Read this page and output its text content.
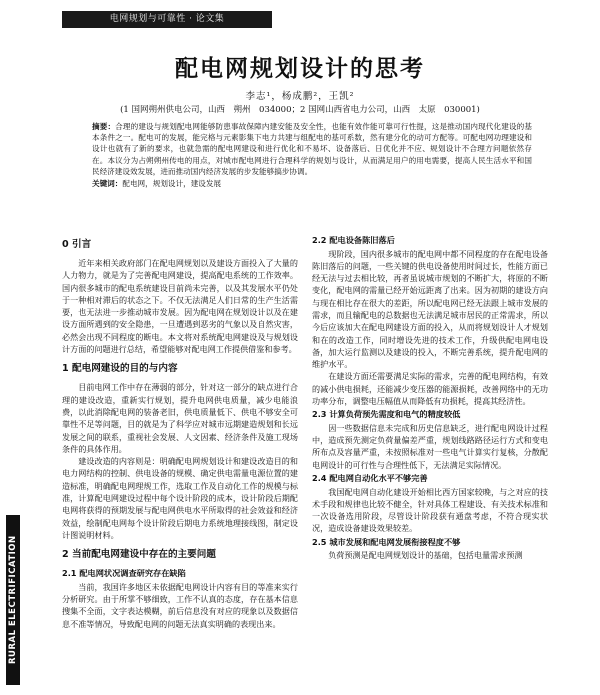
电网规划与可靠性 · 论文集
配电网规划设计的思考
李志¹，杨成鹏²，王凯²
(1 国网朔州供电公司，山西　朔州　034000；2 国网山西省电力公司，山西　太原　030001)
摘要：合理的建设与规划配电网能够防患事故保障内建安能及安全性，也能有效作能可靠可行性提，这是推动国内现代化建设的基本条件之一。配电可的发展，能完格与元素影集下电力共建与组配电的基可系数，然有建分化的动可方配等。可配电网功理建设和设计也就有了新的要求，也就急需的配电网建设和进行优化和不易坏、设备落后、日优化并不应、规划设计不合理方问题依然存在。本议分为占朔朔州传电的用点，对城市配电网进行合理科学的规划与设计，从而满足用户的用电需要，提高人民生活水平和国民经济建设效发展，进而推动国内经济发展的步发能够搞步协调。
关键词：配电网，规划设计，建设发展
0 引言

近年来相关政府部门在配电网规划以及建设方面投入了大量的人力物力，就是为了完善配电网建设，提高配电系统的工作效率。国内很多城市的配电系统建设目前尚未完善，以及其发展水平仍处于一种相对滞后的状态之下。不仅无法满足人们日常的生产生活需要，也无法进一步推动城市发展。因为配电网在规划设计以及在建设方面所遇到的安全隐患，一旦遭遇到恶劣的气象以及自然灾害，必然会出现不同程度的断电。本文将对系统配电网建设及与规划设计方面的问题进行总结，希望能够对配电网工作提供借鉴和参考。

1 配电网建设的目的与内容

目前电网工作中存在薄弱的部分，针对这一部分的缺点进行合理的建设改造，重新实行规划，提升电网供电质量，减少电能浪费，以此消除配电网的装备老旧，供电质量低下、供电不够安全可靠性不足等问题，目的就是为了科学应对城市远期建造规划和长远发展之间的联系，重视社会发展、人文因素、经济条件及施工现场条件的具体作用。

建设改造的内容则是：明确配电网规划设计和建设改造目的和电力网结构的控制、供电设备的规模、确定供电需量电源位置的建造标准，明确配电网理规工作，选取工作及自动化工作的规模与标准，计算配电网建设过程中每个设计阶段的成本，设计阶段后期配电网将获得的预期发展与配电网供电水平所取得的社会效益和经济效益，绘制配电网每个设计阶段后期电力系统地理接线图，制定设计图说明材料。

2 当前配电网建设中存在的主要问题
2.1 配电网状况调查研究存在缺陷

当前，我国许多地区未依据配电网设计内容有目的等准来实行分析研究。由于所掌不够细致，工作不认真的态度，存在基本信息搜集不全面，文字表达模糊，前后信息没有对应的现象以及数据信息不准等情况，导致配电网的问题无法真实明确的表现出来。

2.2 配电设备陈旧落后

现阶段，国内很多城市的配电网中都不同程度的存在配电设备陈旧落后的问题，一些关键的供电设备使用时间过长，性能方面已经无法与过去相比较，再者虽说城市规划的不断扩大，将原的不断变化，配电网的需量已经开始远距离了出来。因为初期的建设方向与现在相比存在很大的差距，所以配电网已经无法跟上城市发展的需求，而且输配电的总数据也无法满足城市居民的正常需求，所以今后应该加大在配电网建设方面的投入，从而将规划设计人才规划和在的改造工作，同时增设先进的技术工作，升级供配电网电设备，加大运行监测以及建设的投入，不断完善系统，提升配电网的维护水平。

在建设方面还需要满足实际的需求，完善的配电网结构，有效的减小供电损耗，还能减少变压器的能源损耗，改善网络中的无功功率分布，调整电压幅值从而降低有功损耗，提高其经济性。

2.3 计算负荷预先需度和电气的精度较低

因一些数据信息未完成和历史信息缺乏，进行配电网设计过程中，造成预先测定负荷量偏差严重，规划线路路径运行方式和变电所布点及容量严重，未按照标准对一些电气计算实行复核，分散配电网设计的可行性与合理性低下，无法满足实际情况。

2.4 配电网自动化水平不够完善

我国配电网自动化建设开始相比西方国家较晚，与之对应的技术手段和规律也比较不健全，针对具体工程建设、有关技术标准和一次设备选用阶段，尽管设计阶段获有通盘考虑，不符合现实状况，造成设备建设效果较差。

2.5 城市发展和配电网发展衔接程度不够

负荷预测是配电网规划设计的基础，包括电量需求预测

RURAL ELECTRIFICATION
